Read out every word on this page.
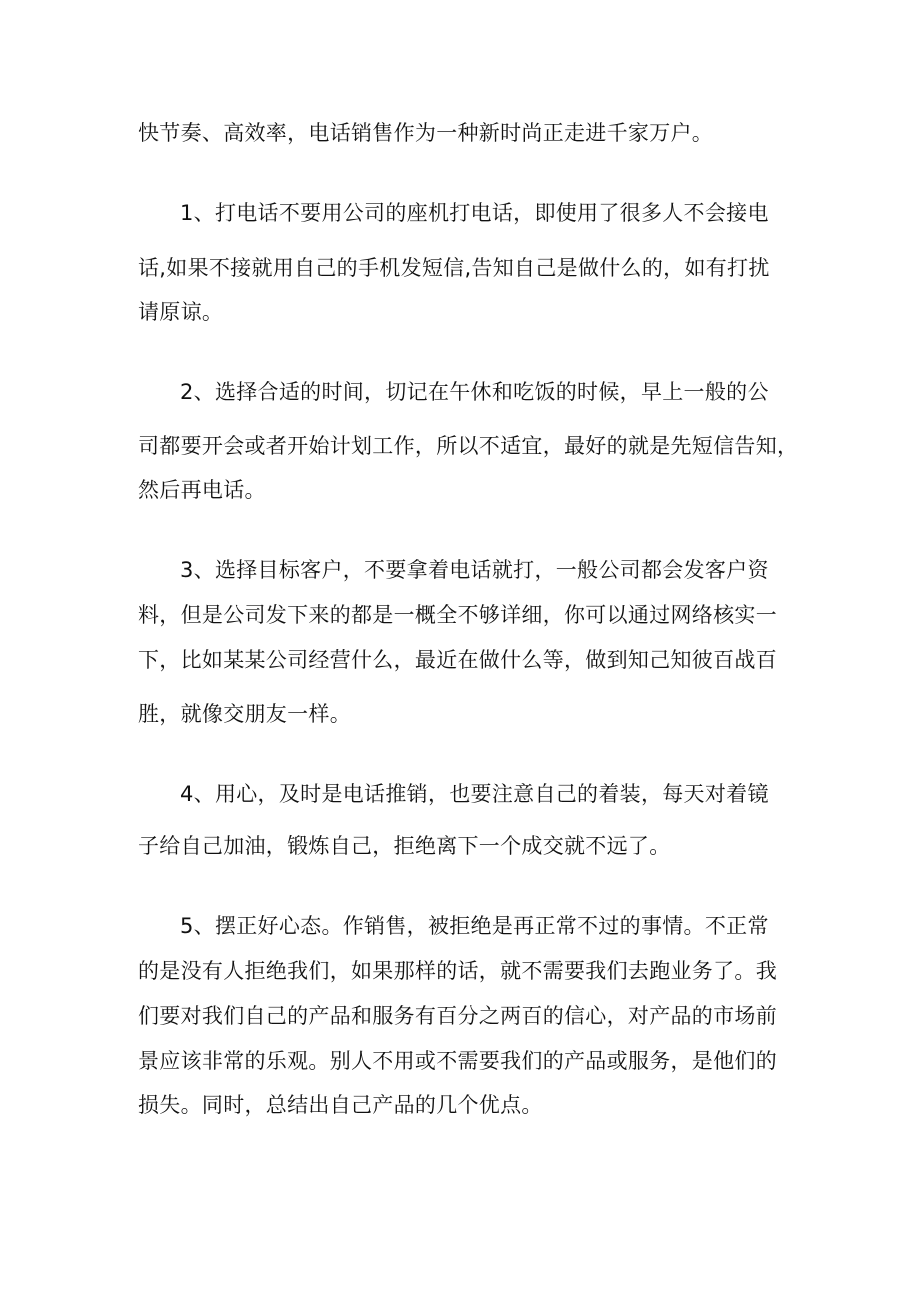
快节奏、高效率，电话销售作为一种新时尚正走进千家万户。
1、打电话不要用公司的座机打电话，即使用了很多人不会接电
话,如果不接就用自己的手机发短信,告知自己是做什么的，如有打扰
请原谅。
2、选择合适的时间，切记在午休和吃饭的时候，早上一般的公
司都要开会或者开始计划工作，所以不适宜，最好的就是先短信告知，
然后再电话。
3、选择目标客户，不要拿着电话就打，一般公司都会发客户资
料，但是公司发下来的都是一概全不够详细，你可以通过网络核实一
下，比如某某公司经营什么，最近在做什么等，做到知己知彼百战百
胜，就像交朋友一样。
4、用心，及时是电话推销，也要注意自己的着装，每天对着镜
子给自己加油，锻炼自己，拒绝离下一个成交就不远了。
5、摆正好心态。作销售，被拒绝是再正常不过的事情。不正常
的是没有人拒绝我们，如果那样的话，就不需要我们去跑业务了。我
们要对我们自己的产品和服务有百分之两百的信心，对产品的市场前
景应该非常的乐观。别人不用或不需要我们的产品或服务，是他们的
损失。同时，总结出自己产品的几个优点。
